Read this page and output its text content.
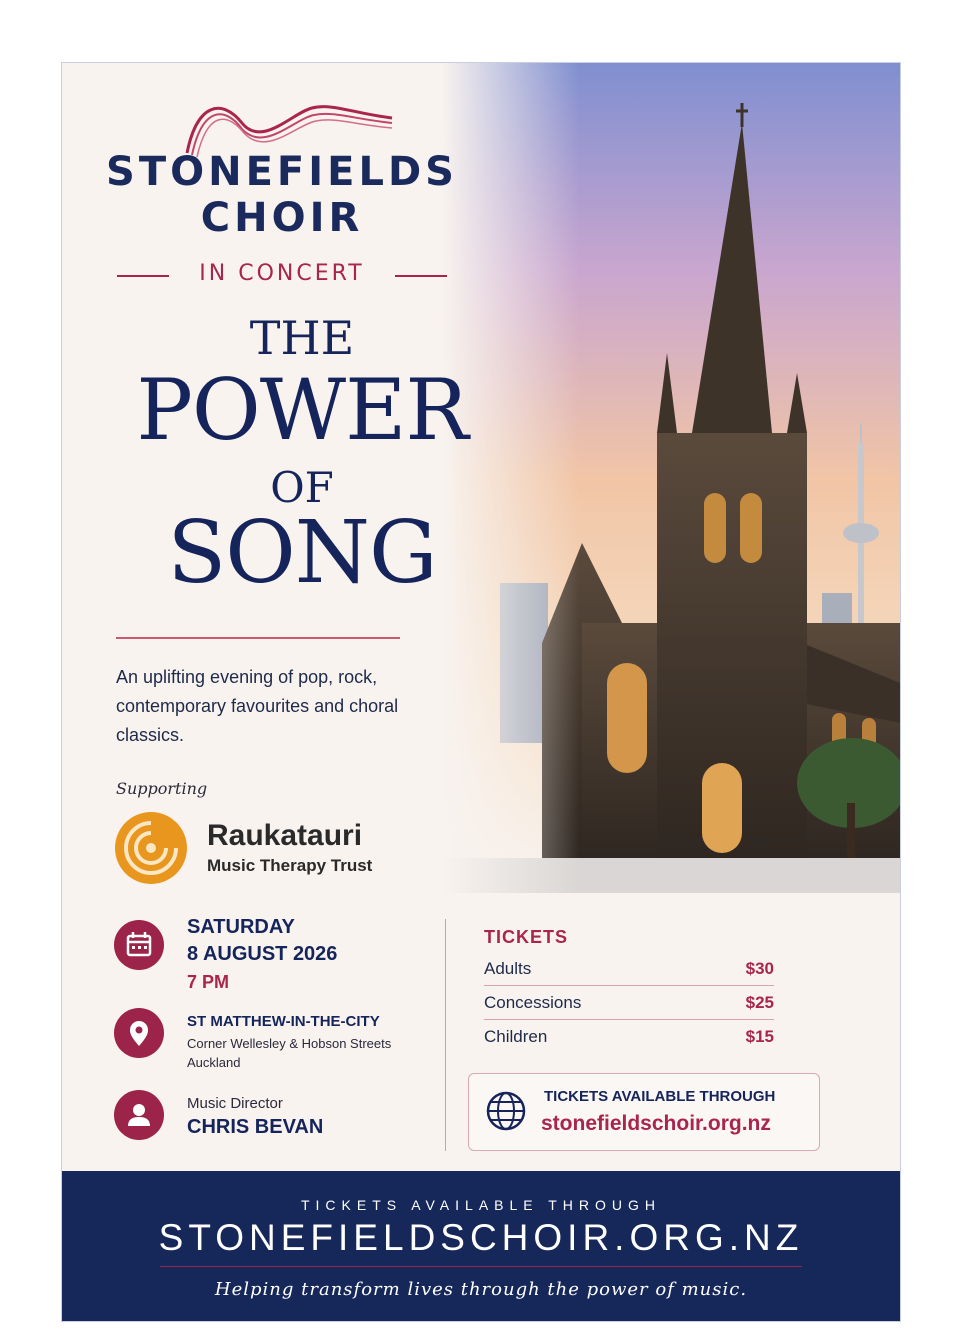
STONEFIELDS
CHOIR
IN CONCERT
THE
POWER
OF
SONG
An uplifting evening of pop, rock, contemporary favourites and choral classics.
Supporting
Raukatauri
Music Therapy Trust
SATURDAY
8 AUGUST 2026
7 PM
ST MATTHEW-IN-THE-CITY
Corner Wellesley & Hobson Streets
Auckland
Music Director
CHRIS BEVAN
TICKETS
Adults	$30
Concessions	$25
Children	$15
TICKETS AVAILABLE THROUGH
stonefieldschoir.org.nz
TICKETS AVAILABLE THROUGH
STONEFIELDSCHOIR.ORG.NZ
Helping transform lives through the power of music.
